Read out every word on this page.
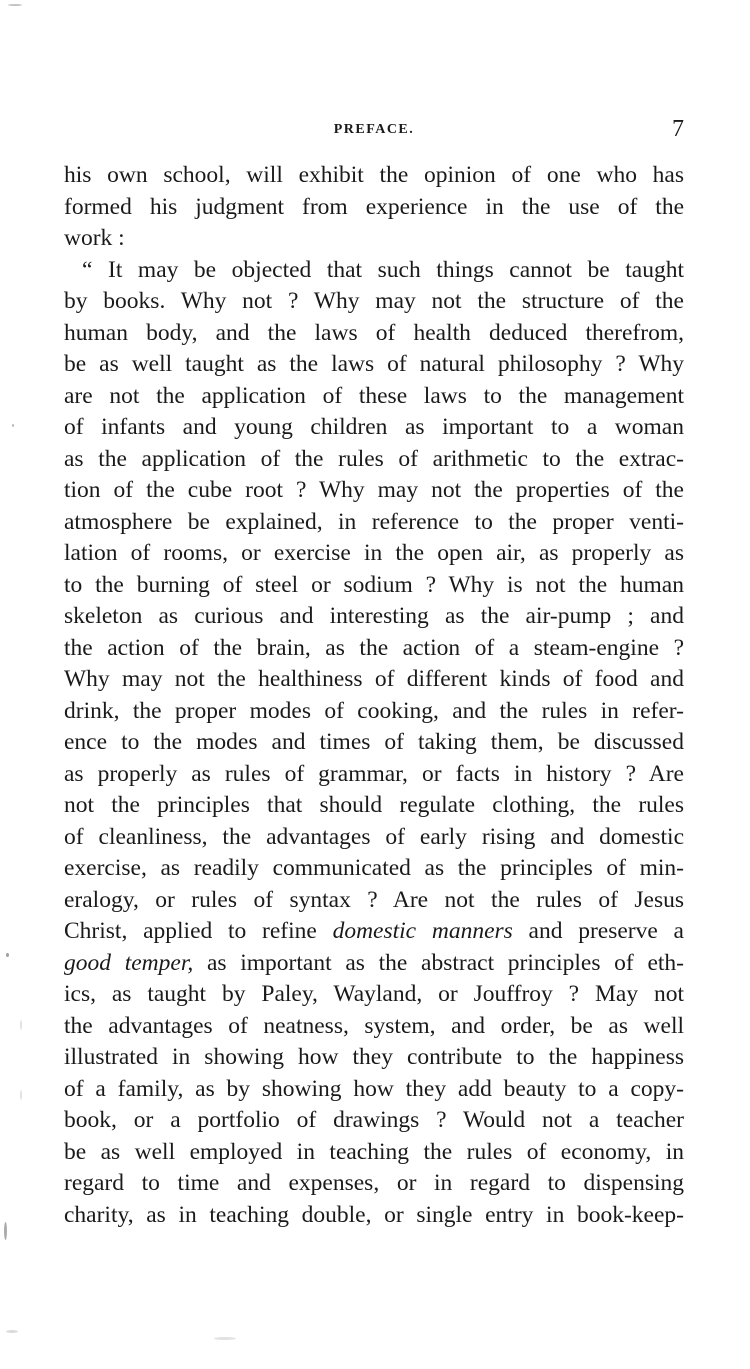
PREFACE.	7
his own school, will exhibit the opinion of one who has
formed his judgment from experience in the use of the
work :
“ It may be objected that such things cannot be taught
by books. Why not ? Why may not the structure of the
human body, and the laws of health deduced therefrom,
be as well taught as the laws of natural philosophy ? Why
are not the application of these laws to the management
of infants and young children as important to a woman
as the application of the rules of arithmetic to the extrac-
tion of the cube root ? Why may not the properties of the
atmosphere be explained, in reference to the proper venti-
lation of rooms, or exercise in the open air, as properly as
to the burning of steel or sodium ? Why is not the human
skeleton as curious and interesting as the air-pump ; and
the action of the brain, as the action of a steam-engine ?
Why may not the healthiness of different kinds of food and
drink, the proper modes of cooking, and the rules in refer-
ence to the modes and times of taking them, be discussed
as properly as rules of grammar, or facts in history ? Are
not the principles that should regulate clothing, the rules
of cleanliness, the advantages of early rising and domestic
exercise, as readily communicated as the principles of min-
eralogy, or rules of syntax ? Are not the rules of Jesus
Christ, applied to refine domestic manners and preserve a
good temper, as important as the abstract principles of eth-
ics, as taught by Paley, Wayland, or Jouffroy ? May not
the advantages of neatness, system, and order, be as well
illustrated in showing how they contribute to the happiness
of a family, as by showing how they add beauty to a copy-
book, or a portfolio of drawings ? Would not a teacher
be as well employed in teaching the rules of economy, in
regard to time and expenses, or in regard to dispensing
charity, as in teaching double, or single entry in book-keep-
